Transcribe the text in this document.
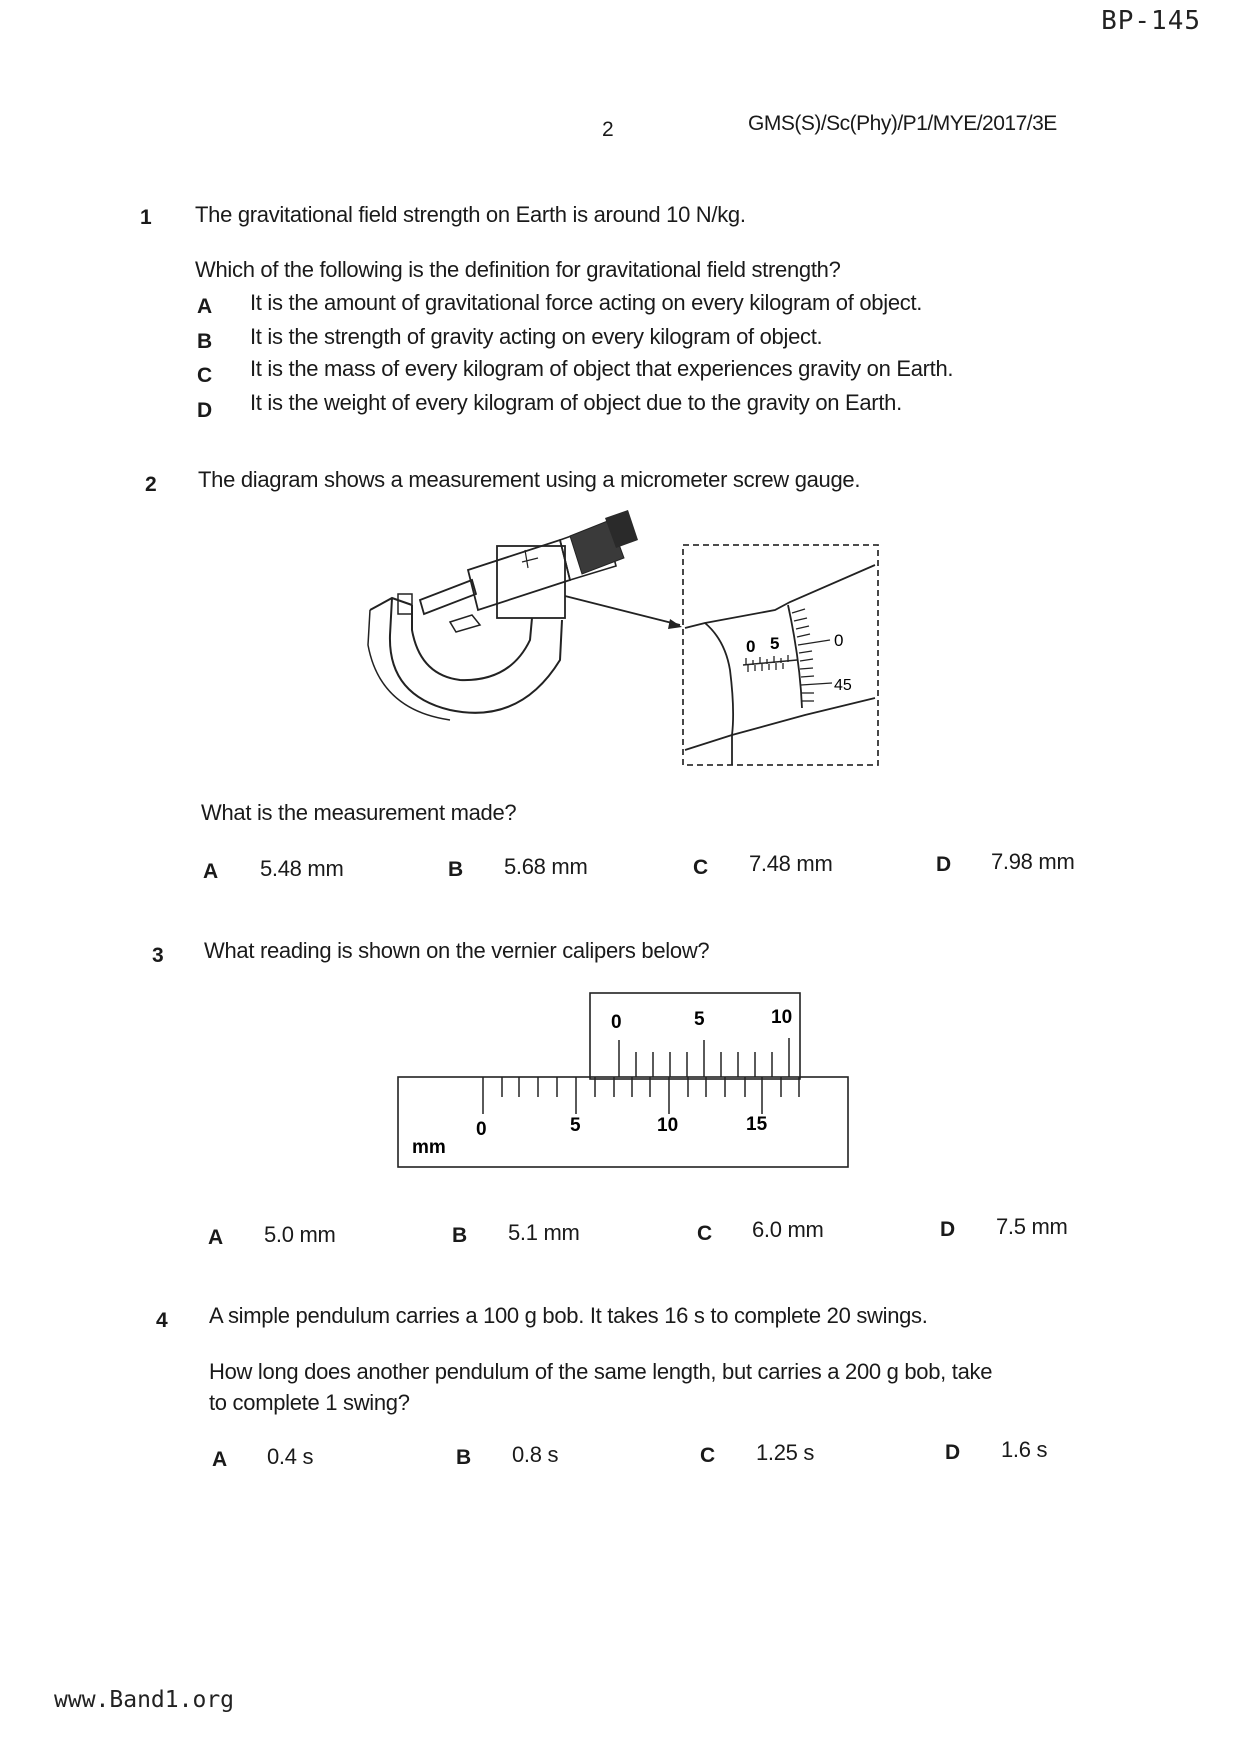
BP-145
2	GMS(S)/Sc(Phy)/P1/MYE/2017/3E
1 The gravitational field strength on Earth is around 10 N/kg.
Which of the following is the definition for gravitational field strength?
A It is the amount of gravitational force acting on every kilogram of object.
B It is the strength of gravity acting on every kilogram of object.
C It is the mass of every kilogram of object that experiences gravity on Earth.
D It is the weight of every kilogram of object due to the gravity on Earth.
2 The diagram shows a measurement using a micrometer screw gauge.
0 5	0
45
What is the measurement made?
A 5.48 mm	B 5.68 mm	C 7.48 mm	D 7.98 mm
3 What reading is shown on the vernier calipers below?
0	5	10
0	5	10	15
mm
A 5.0 mm	B 5.1 mm	C 6.0 mm	D 7.5 mm
4 A simple pendulum carries a 100 g bob. It takes 16 s to complete 20 swings.
How long does another pendulum of the same length, but carries a 200 g bob, take
to complete 1 swing?
A 0.4 s	B 0.8 s	C 1.25 s	D 1.6 s
www.Band1.org
